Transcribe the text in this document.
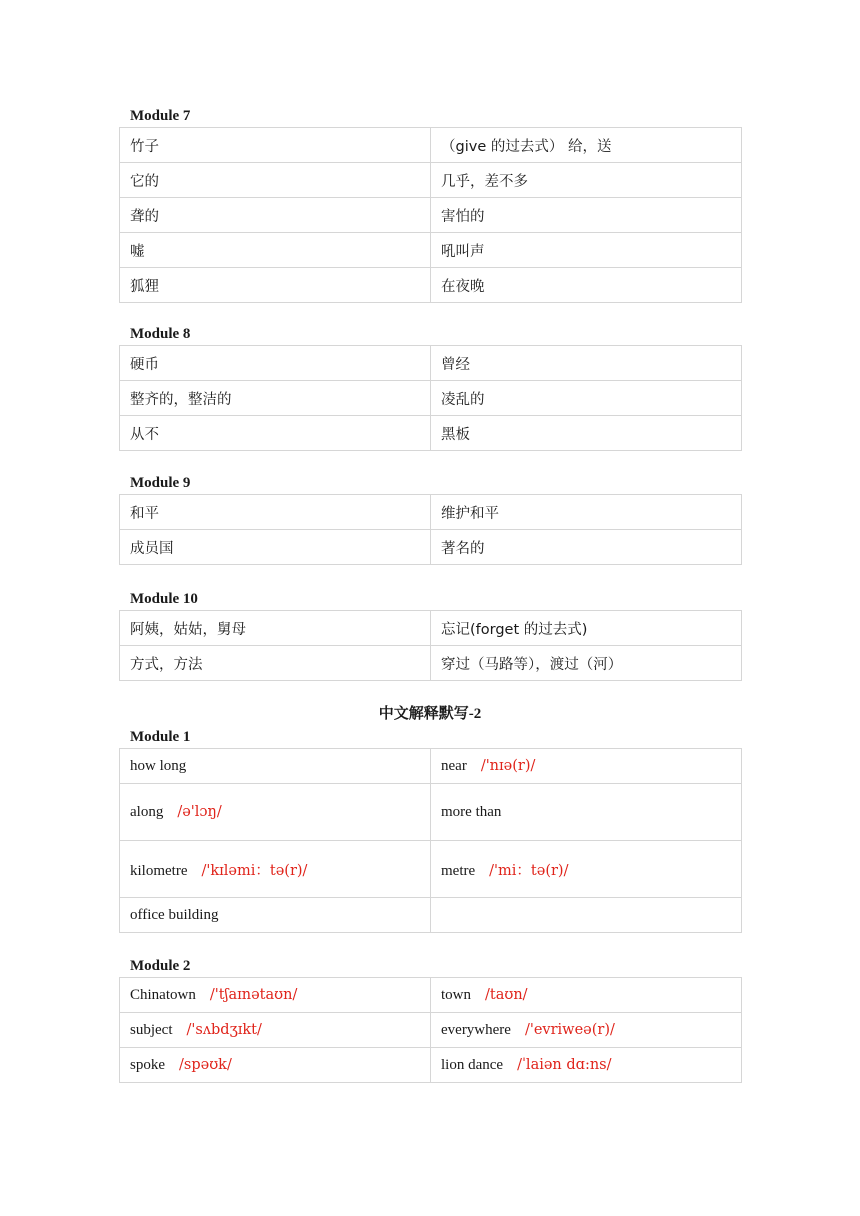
Module 7
竹子	（give 的过去式） 给，送
它的	几乎，差不多
聋的	害怕的
嘘	吼叫声
狐狸	在夜晚
Module 8
硬币	曾经
整齐的，整洁的	凌乱的
从不	黑板
Module 9
和平	维护和平
成员国	著名的
Module 10
阿姨，姑姑，舅母	忘记(forget 的过去式)
方式，方法	穿过（马路等），渡过（河）
中文解释默写-2
Module 1
how long	near /'nɪə(r)/
along /ə'lɔŋ/	more than
kilometre /'kɪləmi：tə(r)/	metre /'mi：tə(r)/
office building	
Module 2
Chinatown /'tʃaɪnətaʊn/	town /taʊn/
subject /'sʌbdʒɪkt/	everywhere /'evriweə(r)/
spoke /spəʊk/	lion dance /ˈlaiən dɑ:ns/
